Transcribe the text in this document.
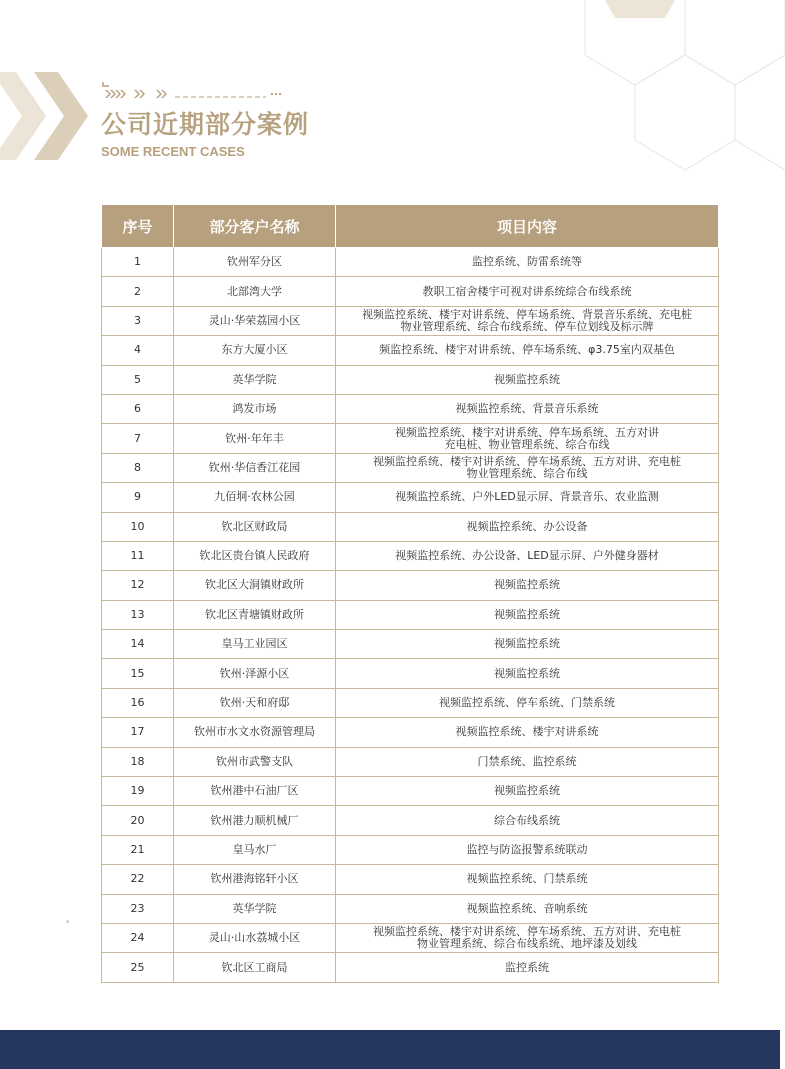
公司近期部分案例
SOME RECENT CASES
序号	部分客户名称	项目内容
1	钦州军分区	监控系统、防雷系统等

2	北部湾大学	教职工宿舍楼宇可视对讲系统综合布线系统

3	灵山·华荣荔园小区	视频监控系统、楼宇对讲系统、停车场系统、背景音乐系统、充电桩
物业管理系统、综合布线系统、停车位划线及标示牌

4	东方大厦小区	频监控系统、楼宇对讲系统、停车场系统、φ3.75室内双基色

5	英华学院	视频监控系统

6	鸿发市场	视频监控系统、背景音乐系统

7	钦州·年年丰	视频监控系统、楼宇对讲系统、停车场系统、五方对讲
充电桩、物业管理系统、综合布线

8	钦州·华信香江花园	视频监控系统、楼宇对讲系统、停车场系统、五方对讲、充电桩
物业管理系统、综合布线

9	九佰垌·农林公园	视频监控系统、户外LED显示屏、背景音乐、农业监测

10	钦北区财政局	视频监控系统、办公设备

11	钦北区贵台镇人民政府	视频监控系统、办公设备、LED显示屏、户外健身器材

12	钦北区大洞镇财政所	视频监控系统

13	钦北区青塘镇财政所	视频监控系统

14	皇马工业园区	视频监控系统

15	钦州·泽源小区	视频监控系统

16	钦州·天和府邸	视频监控系统、停车系统、门禁系统

17	钦州市水文水资源管理局	视频监控系统、楼宇对讲系统

18	钦州市武警支队	门禁系统、监控系统

19	钦州港中石油厂区	视频监控系统

20	钦州港力顺机械厂	综合布线系统

21	皇马水厂	监控与防盗报警系统联动

22	钦州港海铭轩小区	视频监控系统、门禁系统

23	英华学院	视频监控系统、音响系统

24	灵山·山水荔城小区	视频监控系统、楼宇对讲系统、停车场系统、五方对讲、充电桩
物业管理系统、综合布线系统、地坪漆及划线

25	钦北区工商局	监控系统
